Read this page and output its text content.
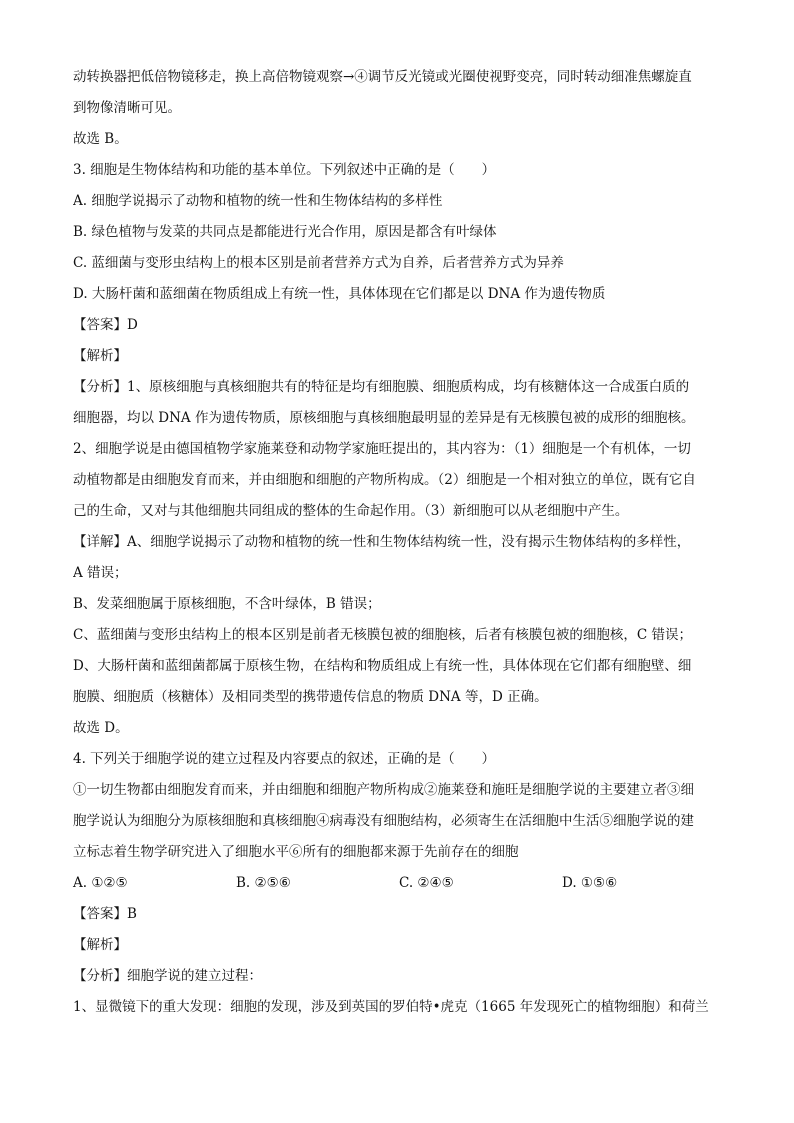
动转换器把低倍物镜移走，换上高倍物镜观察→④调节反光镜或光圈使视野变亮，同时转动细准焦螺旋直
到物像清晰可见。
故选 B。
3. 细胞是生物体结构和功能的基本单位。下列叙述中正确的是（　　）
A. 细胞学说揭示了动物和植物的统一性和生物体结构的多样性
B. 绿色植物与发菜的共同点是都能进行光合作用，原因是都含有叶绿体
C. 蓝细菌与变形虫结构上的根本区别是前者营养方式为自养，后者营养方式为异养
D. 大肠杆菌和蓝细菌在物质组成上有统一性，具体体现在它们都是以 DNA 作为遗传物质
【答案】D
【解析】
【分析】1、原核细胞与真核细胞共有的特征是均有细胞膜、细胞质构成，均有核糖体这一合成蛋白质的
细胞器，均以 DNA 作为遗传物质，原核细胞与真核细胞最明显的差异是有无核膜包被的成形的细胞核。
2、细胞学说是由德国植物学家施莱登和动物学家施旺提出的，其内容为：（1）细胞是一个有机体，一切
动植物都是由细胞发育而来，并由细胞和细胞的产物所构成。（2）细胞是一个相对独立的单位，既有它自
己的生命，又对与其他细胞共同组成的整体的生命起作用。（3）新细胞可以从老细胞中产生。
【详解】A、细胞学说揭示了动物和植物的统一性和生物体结构统一性，没有揭示生物体结构的多样性，
A 错误；
B、发菜细胞属于原核细胞，不含叶绿体，B 错误；
C、蓝细菌与变形虫结构上的根本区别是前者无核膜包被的细胞核，后者有核膜包被的细胞核，C 错误；
D、大肠杆菌和蓝细菌都属于原核生物，在结构和物质组成上有统一性，具体体现在它们都有细胞壁、细
胞膜、细胞质（核糖体）及相同类型的携带遗传信息的物质 DNA 等，D 正确。
故选 D。
4. 下列关于细胞学说的建立过程及内容要点的叙述，正确的是（　　）
①一切生物都由细胞发育而来，并由细胞和细胞产物所构成②施莱登和施旺是细胞学说的主要建立者③细
胞学说认为细胞分为原核细胞和真核细胞④病毒没有细胞结构，必须寄生在活细胞中生活⑤细胞学说的建
立标志着生物学研究进入了细胞水平⑥所有的细胞都来源于先前存在的细胞
A. ①②⑤	B. ②⑤⑥	C. ②④⑤	D. ①⑤⑥
【答案】B
【解析】
【分析】细胞学说的建立过程：
1、显微镜下的重大发现：细胞的发现，涉及到英国的罗伯特•虎克（1665 年发现死亡的植物细胞）和荷兰
